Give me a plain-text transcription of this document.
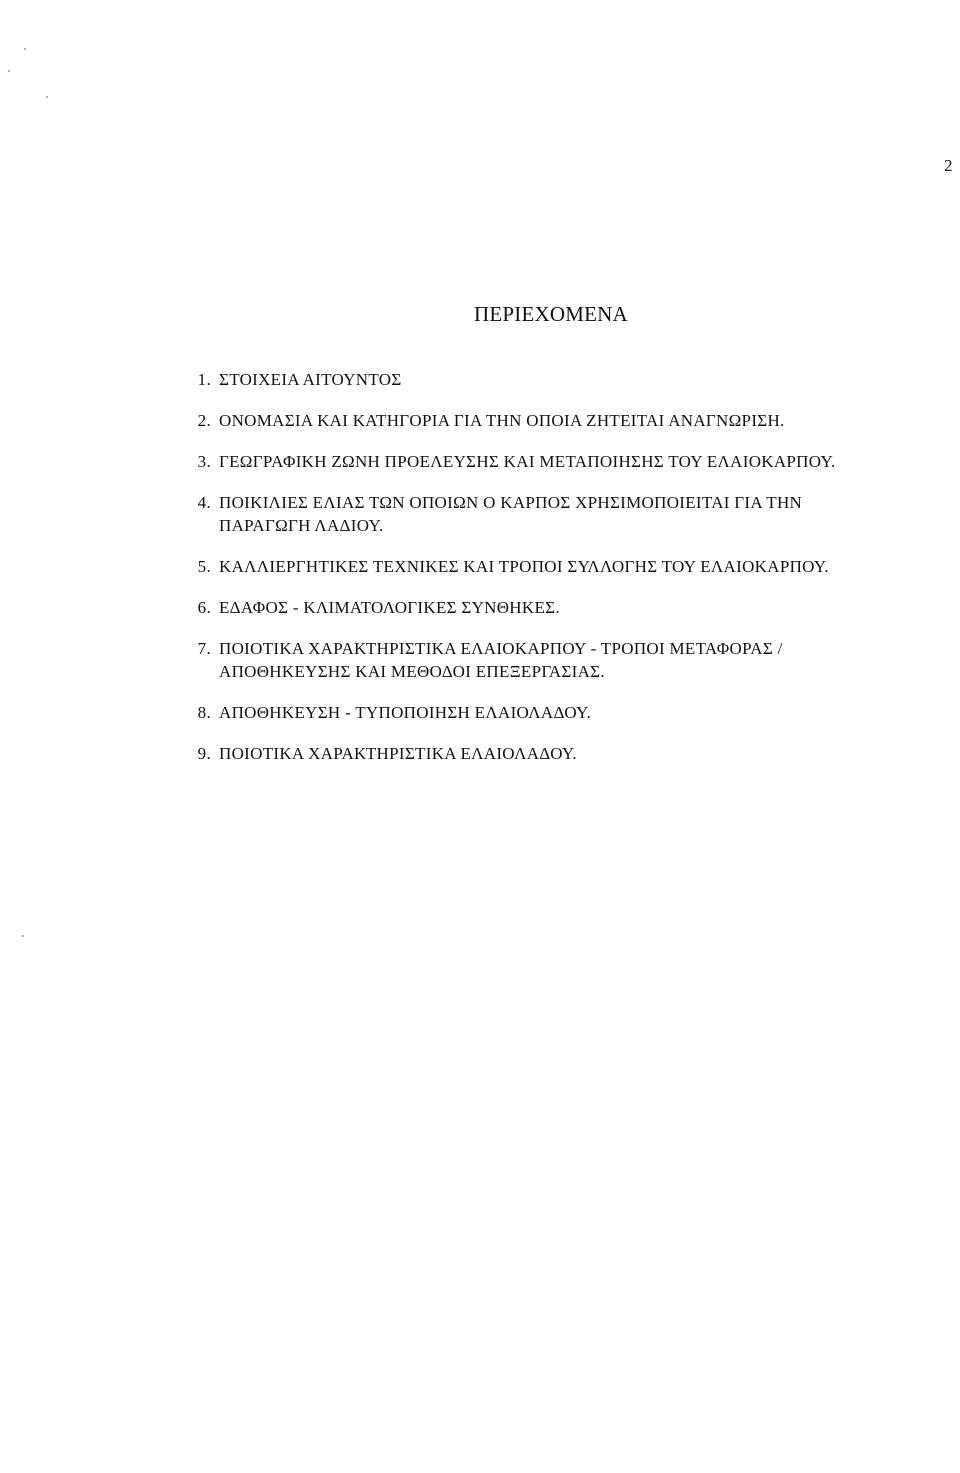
2
ΠΕΡΙΕΧΟΜΕΝΑ
1. ΣΤΟΙΧΕΙΑ ΑΙΤΟΥΝΤΟΣ
2. ΟΝΟΜΑΣΙΑ ΚΑΙ ΚΑΤΗΓΟΡΙΑ ΓΙΑ ΤΗΝ ΟΠΟΙΑ ΖΗΤΕΙΤΑΙ ΑΝΑΓΝΩΡΙΣΗ.
3. ΓΕΩΓΡΑΦΙΚΗ ΖΩΝΗ ΠΡΟΕΛΕΥΣΗΣ ΚΑΙ ΜΕΤΑΠΟΙΗΣΗΣ ΤΟΥ ΕΛΑΙΟΚΑΡΠΟΥ.
4. ΠΟΙΚΙΛΙΕΣ ΕΛΙΑΣ ΤΩΝ ΟΠΟΙΩΝ Ο ΚΑΡΠΟΣ ΧΡΗΣΙΜΟΠΟΙΕΙΤΑΙ ΓΙΑ ΤΗΝ ΠΑΡΑΓΩΓΗ ΛΑΔΙΟΥ.
5. ΚΑΛΛΙΕΡΓΗΤΙΚΕΣ ΤΕΧΝΙΚΕΣ ΚΑΙ ΤΡΟΠΟΙ ΣΥΛΛΟΓΗΣ ΤΟΥ ΕΛΑΙΟΚΑΡΠΟΥ.
6. ΕΔΑΦΟΣ - ΚΛΙΜΑΤΟΛΟΓΙΚΕΣ ΣΥΝΘΗΚΕΣ.
7. ΠΟΙΟΤΙΚΑ ΧΑΡΑΚΤΗΡΙΣΤΙΚΑ ΕΛΑΙΟΚΑΡΠΟΥ - ΤΡΟΠΟΙ ΜΕΤΑΦΟΡΑΣ / ΑΠΟΘΗΚΕΥΣΗΣ ΚΑΙ ΜΕΘΟΔΟΙ ΕΠΕΞΕΡΓΑΣΙΑΣ.
8. ΑΠΟΘΗΚΕΥΣΗ - ΤΥΠΟΠΟΙΗΣΗ ΕΛΑΙΟΛΑΔΟΥ.
9. ΠΟΙΟΤΙΚΑ ΧΑΡΑΚΤΗΡΙΣΤΙΚΑ ΕΛΑΙΟΛΑΔΟΥ.
